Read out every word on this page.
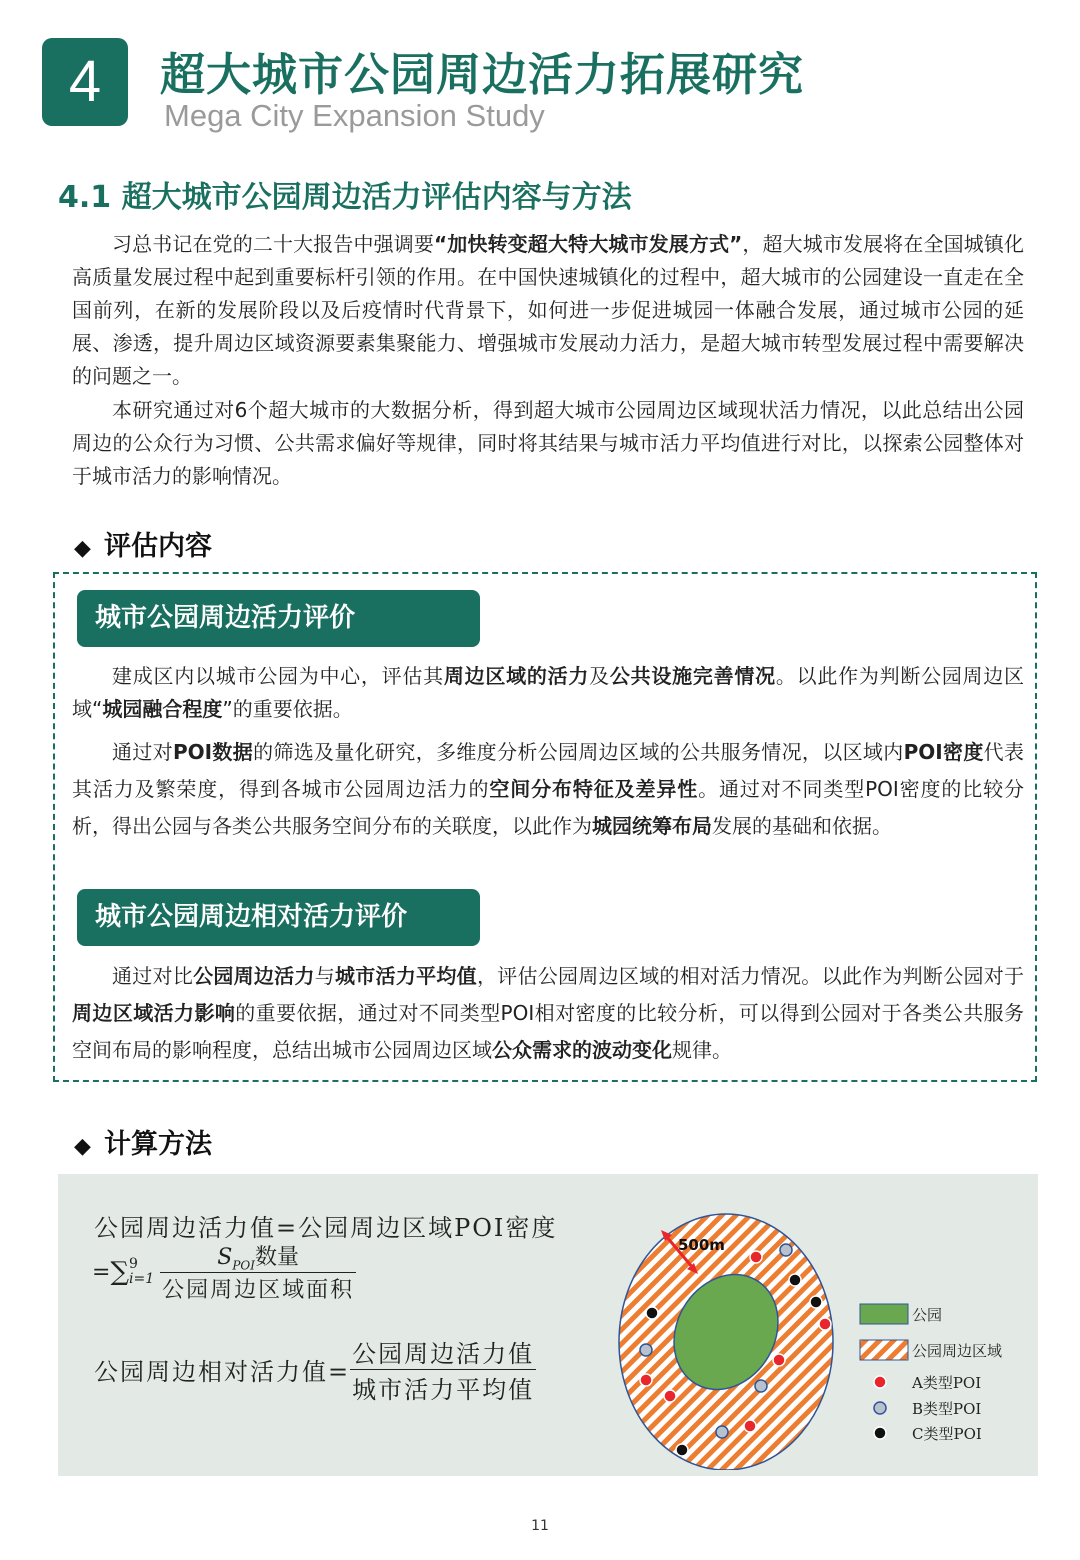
4	超大城市公园周边活力拓展研究
Mega City Expansion Study
4.1 超大城市公园周边活力评估内容与方法
习总书记在党的二十大报告中强调要“加快转变超大特大城市发展方式”，超大城市发展将在全国城镇化高质量发展过程中起到重要标杆引领的作用。在中国快速城镇化的过程中，超大城市的公园建设一直走在全国前列，在新的发展阶段以及后疫情时代背景下，如何进一步促进城园一体融合发展，通过城市公园的延展、渗透，提升周边区域资源要素集聚能力、增强城市发展动力活力，是超大城市转型发展过程中需要解决的问题之一。
本研究通过对6个超大城市的大数据分析，得到超大城市公园周边区域现状活力情况，以此总结出公园周边的公众行为习惯、公共需求偏好等规律，同时将其结果与城市活力平均值进行对比，以探索公园整体对于城市活力的影响情况。
◆ 评估内容
城市公园周边活力评价
建成区内以城市公园为中心，评估其周边区域的活力及公共设施完善情况。以此作为判断公园周边区域“城园融合程度”的重要依据。
通过对POI数据的筛选及量化研究，多维度分析公园周边区域的公共服务情况，以区域内POI密度代表其活力及繁荣度，得到各城市公园周边活力的空间分布特征及差异性。通过对不同类型POI密度的比较分析，得出公园与各类公共服务空间分布的关联度，以此作为城园统筹布局发展的基础和依据。
城市公园周边相对活力评价
通过对比公园周边活力与城市活力平均值，评估公园周边区域的相对活力情况。以此作为判断公园对于周边区域活力影响的重要依据，通过对不同类型POI相对密度的比较分析，可以得到公园对于各类公共服务空间布局的影响程度，总结出城市公园周边区域公众需求的波动变化规律。
◆ 计算方法
公园周边活力值=公园周边区域POI密度
=∑ 9
$i=1 \frac{S_{POI}数量}{\text{公园周边区域面积}}$
公园周边相对活力值= $\frac{\text{公园周边活力值}}{\text{城市活力平均值}}$
500m
公园
公园周边区域
A类型POI
B类型POI
C类型POI
11
